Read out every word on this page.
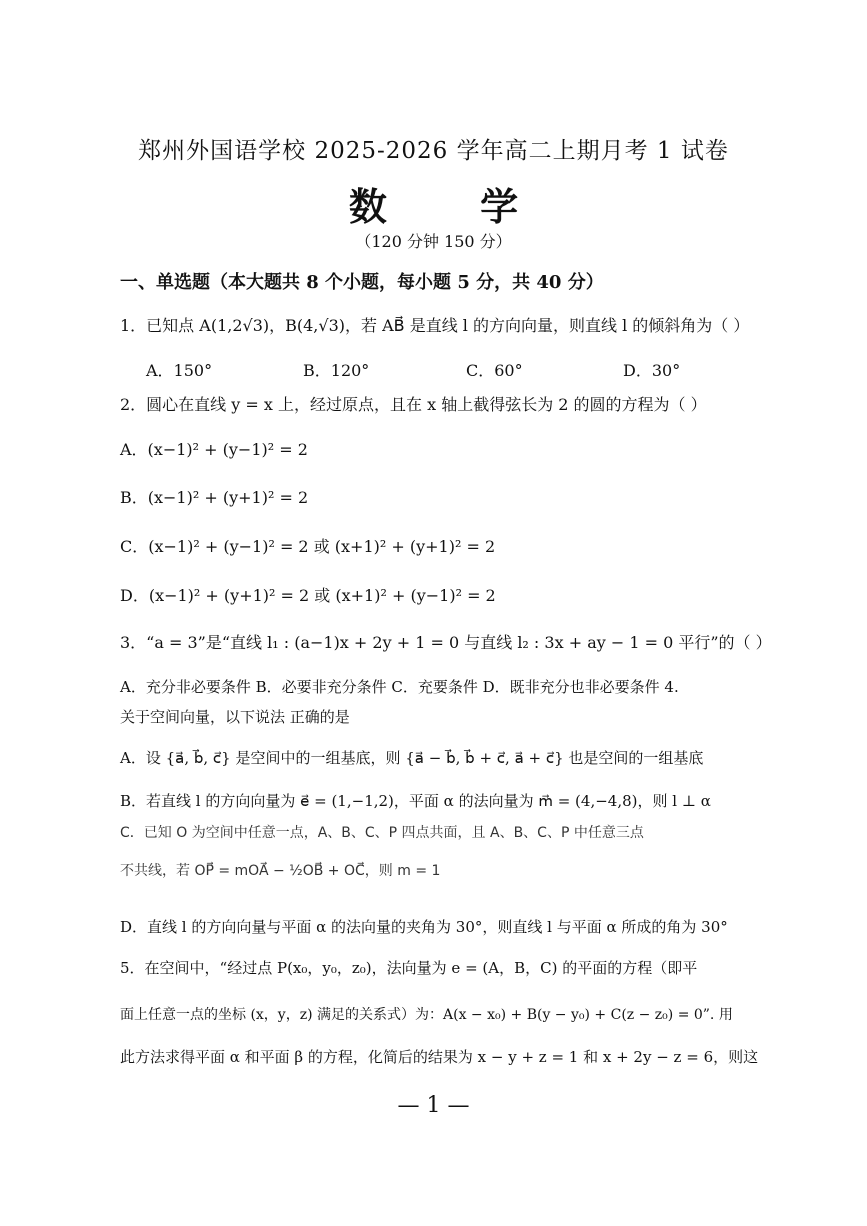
郑州外国语学校 2025-2026 学年高二上期月考 1 试卷
数 学
（120 分钟 150 分）
一、单选题（本大题共 8 个小题，每小题 5 分，共 40 分）
1．已知点 A(1,2√3)，B(4,√3)，若 AB⃗ 是直线 l 的方向向量，则直线 l 的倾斜角为（ ）
A．150°	B．120°	C．60°	D．30°
2．圆心在直线 y = x 上，经过原点，且在 x 轴上截得弦长为 2 的圆的方程为（ ）
A．(x−1)² + (y−1)² = 2
B．(x−1)² + (y+1)² = 2
C．(x−1)² + (y−1)² = 2 或 (x+1)² + (y+1)² = 2
D．(x−1)² + (y+1)² = 2 或 (x+1)² + (y−1)² = 2
3．“a = 3”是“直线 l₁ : (a−1)x + 2y + 1 = 0 与直线 l₂ : 3x + ay − 1 = 0 平行”的（ ）
A．充分非必要条件 B．必要非充分条件 C．充要条件 D．既非充分也非必要条件 4.
关于空间向量，以下说法 正确的是
A．设 {a⃗, b⃗, c⃗} 是空间中的一组基底，则 {a⃗ − b⃗, b⃗ + c⃗, a⃗ + c⃗} 也是空间的一组基底
B．若直线 l 的方向向量为 e⃗ = (1,−1,2)，平面 α 的法向量为 m⃗ = (4,−4,8)，则 l ⊥ α
C．已知 O 为空间中任意一点，A、B、C、P 四点共面，且 A、B、C、P 中任意三点
不共线，若 OP⃗ = mOA⃗ − ½OB⃗ + OC⃗，则 m = 1
D．直线 l 的方向向量与平面 α 的法向量的夹角为 30°，则直线 l 与平面 α 所成的角为 30°
5．在空间中，“经过点 P(x₀，y₀，z₀)，法向量为 e = (A，B，C) 的平面的方程（即平
面上任意一点的坐标 (x，y，z) 满足的关系式）为：A(x − x₀) + B(y − y₀) + C(z − z₀) = 0”. 用
此方法求得平面 α 和平面 β 的方程，化简后的结果为 x − y + z = 1 和 x + 2y − z = 6，则这
— 1 —
